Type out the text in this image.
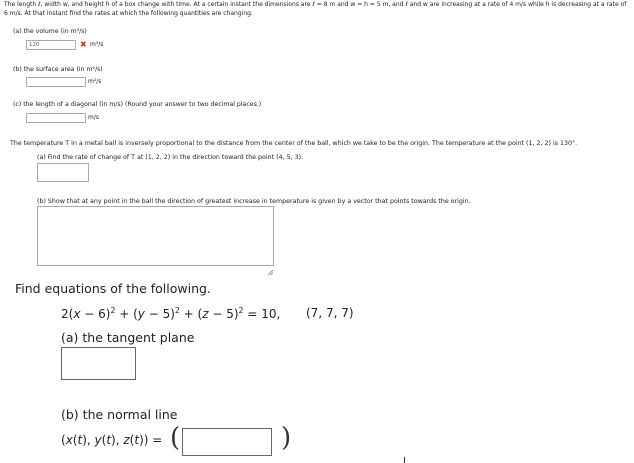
The length ℓ, width w, and height h of a box change with time. At a certain instant the dimensions are ℓ = 8 m and w = h = 5 m, and ℓ and w are increasing at a rate of 4 m/s while h is decreasing at a rate of
6 m/s. At that instant find the rates at which the following quantities are changing.
(a) the volume (in m³/s)
120	✖ m³/s
(b) the surface area (in m²/s)
m²/s
(c) the length of a diagonal (in m/s) (Round your answer to two decimal places.)
m/s
The temperature T in a metal ball is inversely proportional to the distance from the center of the ball, which we take to be the origin. The temperature at the point (1, 2, 2) is 130°.
(a) Find the rate of change of T at (1, 2, 2) in the direction toward the point (4, 5, 3).
(b) Show that at any point in the ball the direction of greatest increase in temperature is given by a vector that points towards the origin.
Find equations of the following.
$2(x - 6)^2 + (y - 5)^2 + (z - 5)^2 = 10$, (7, 7, 7)
(a) the tangent plane
(b) the normal line
(x(t), y(t), z(t)) = (	)
